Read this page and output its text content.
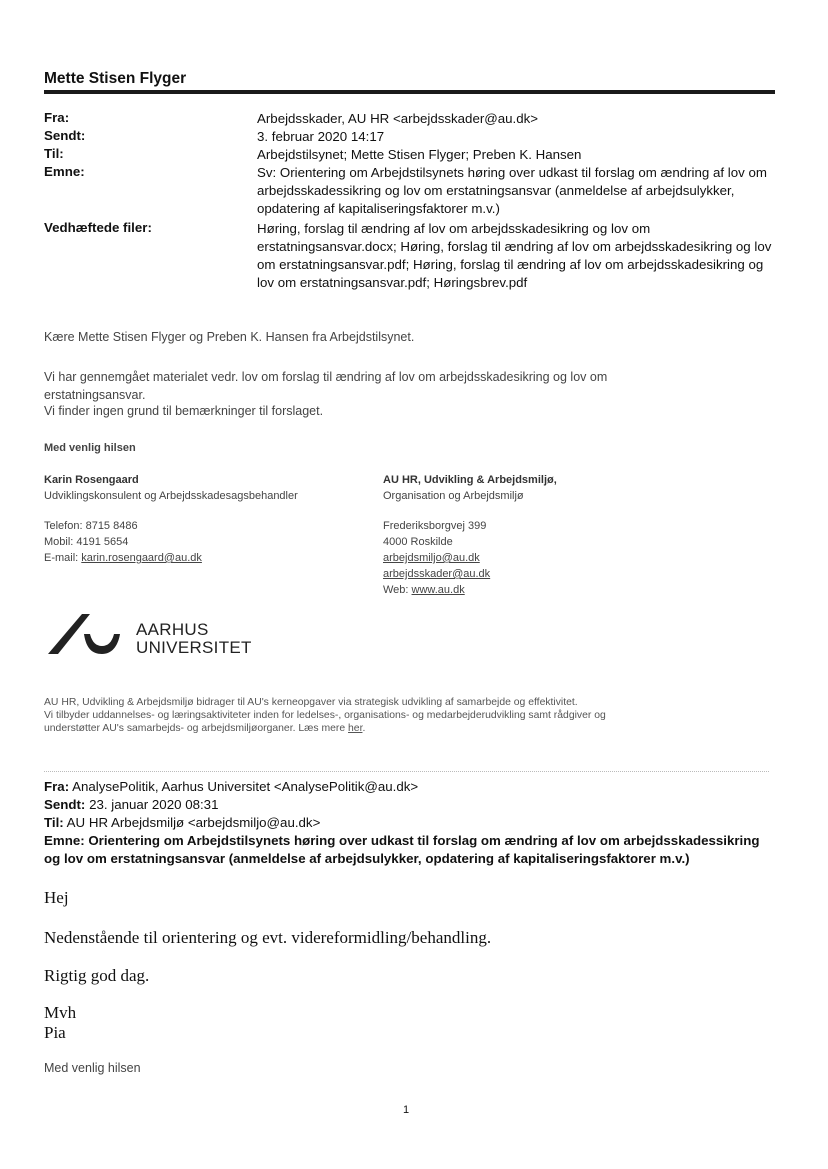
Mette Stisen Flyger
Fra:	Arbejdsskader, AU HR <arbejdsskader@au.dk>
Sendt:	3. februar 2020 14:17
Til:	Arbejdstilsynet; Mette Stisen Flyger; Preben K. Hansen
Emne:	Sv: Orientering om Arbejdstilsynets høring over udkast til forslag om ændring af lov om arbejdsskadessikring og lov om erstatningsansvar (anmeldelse af arbejdsulykker, opdatering af kapitaliseringsfaktorer m.v.)
Vedhæftede filer:	Høring, forslag til ændring af lov om arbejdsskadesikring og lov om erstatningsansvar.docx; Høring, forslag til ændring af lov om arbejdsskadesikring og lov om erstatningsansvar.pdf; Høring, forslag til ændring af lov om arbejdsskadesikring og lov om erstatningsansvar.pdf; Høringsbrev.pdf
Kære Mette Stisen Flyger og Preben K. Hansen fra Arbejdstilsynet.
Vi har gennemgået materialet vedr. lov om forslag til ændring af lov om arbejdsskadesikring og lov om erstatningsansvar.
Vi finder ingen grund til bemærkninger til forslaget.
Med venlig hilsen
Karin Rosengaard
Udviklingskonsulent og Arbejdsskadesagsbehandler
Telefon: 8715 8486
Mobil: 4191 5654
E-mail: karin.rosengaard@au.dk
AU HR, Udvikling & Arbejdsmiljø,
Organisation og Arbejdsmiljø
Frederiksborgvej 399
4000 Roskilde
arbejdsmiljo@au.dk
arbejdsskader@au.dk
Web: www.au.dk
AARHUS
UNIVERSITET
AU HR, Udvikling & Arbejdsmiljø bidrager til AU's kerneopgaver via strategisk udvikling af samarbejde og effektivitet.
Vi tilbyder uddannelses- og læringsaktiviteter inden for ledelses-, organisations- og medarbejderudvikling samt rådgiver og
understøtter AU's samarbejds- og arbejdsmiljøorganer. Læs mere her.
Fra: AnalysePolitik, Aarhus Universitet <AnalysePolitik@au.dk>
Sendt: 23. januar 2020 08:31
Til: AU HR Arbejdsmiljø <arbejdsmiljo@au.dk>
Emne: Orientering om Arbejdstilsynets høring over udkast til forslag om ændring af lov om arbejdsskadessikring og lov om erstatningsansvar (anmeldelse af arbejdsulykker, opdatering af kapitaliseringsfaktorer m.v.)
Hej
Nedenstående til orientering og evt. videreformidling/behandling.
Rigtig god dag.
Mvh
Pia
Med venlig hilsen
1
